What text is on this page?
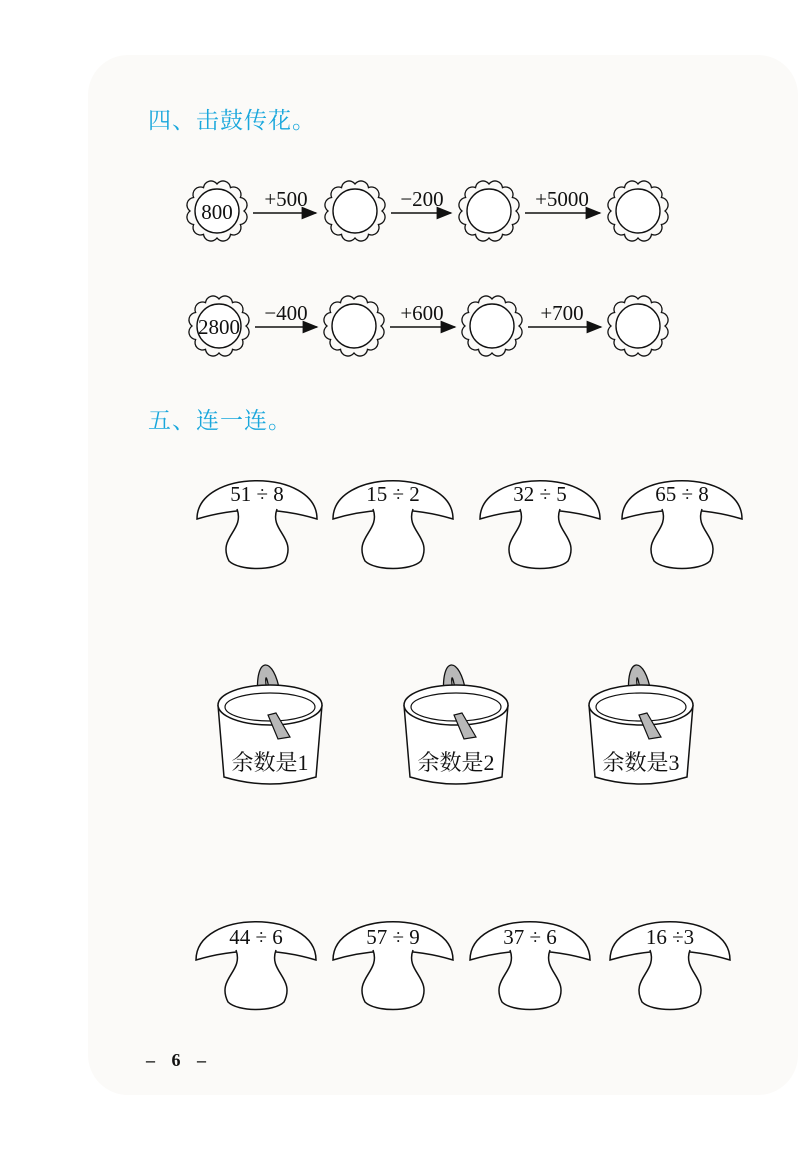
四、击鼓传花。
五、连一连。
800
+500	−200	+5000
2800
−400	+600	+700
51 ÷ 8	15 ÷ 2	32 ÷ 5	65 ÷ 8
余数是1	余数是2	余数是3
44 ÷ 6	57 ÷ 9	37 ÷ 6	16 ÷3
– 6 –
